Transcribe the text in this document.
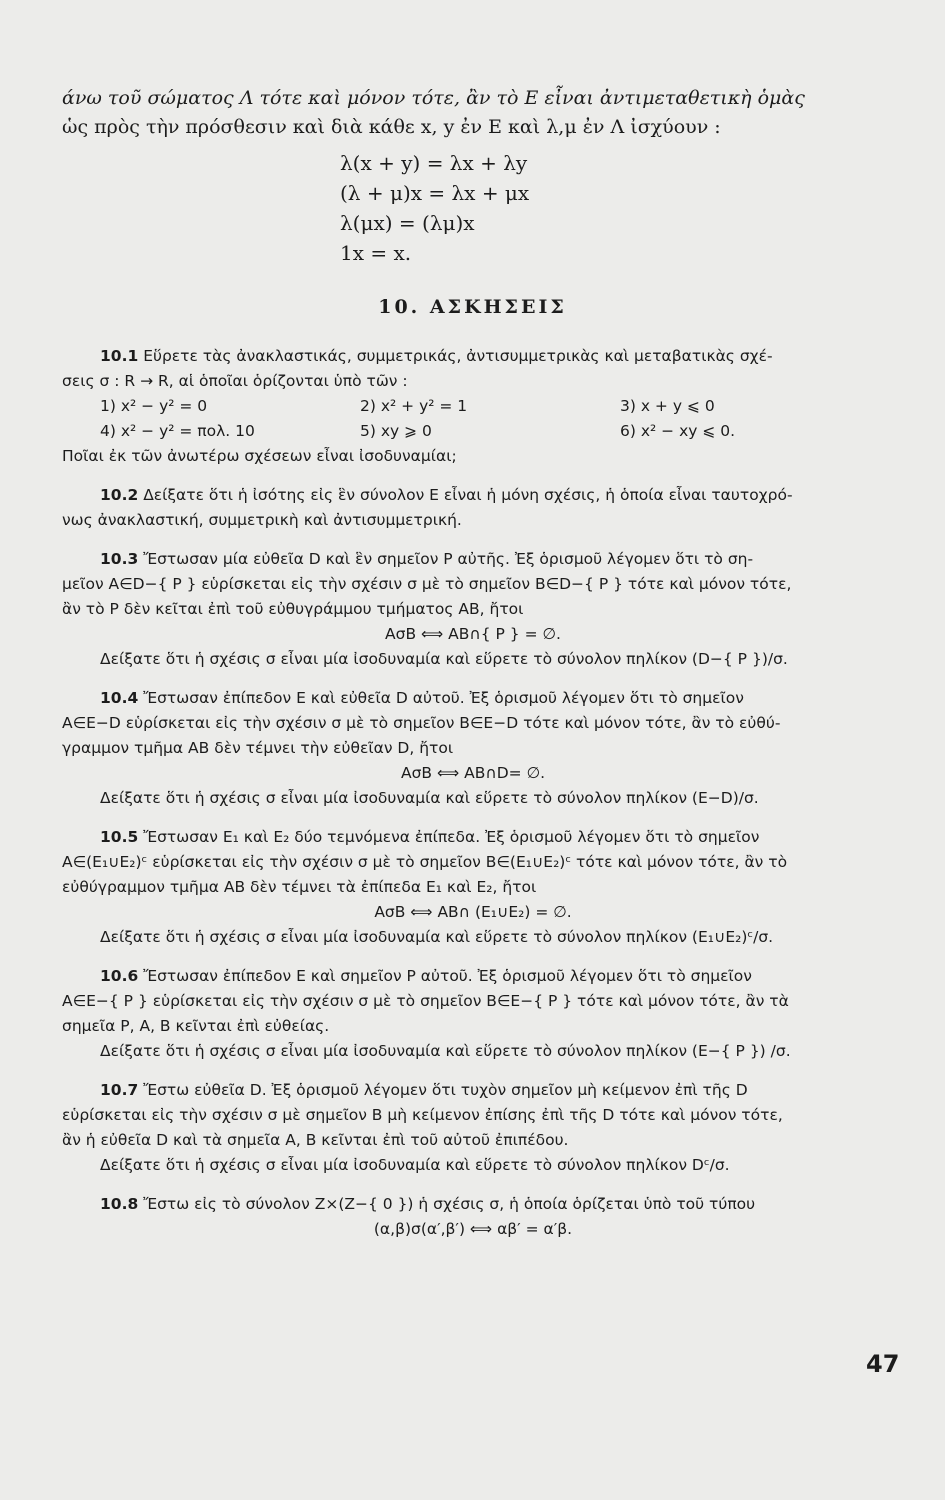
άνω τοῦ σώματος Λ τότε καὶ μόνον τότε, ἂν τὸ E εἶναι ἀντιμεταθετικὴ ὁμὰς

ὡς πρὸς τὴν πρόσθεσιν καὶ διὰ κάθε x, y ἐν E καὶ λ,μ ἐν Λ ἰσχύουν :

λ(x + y) = λx + λy
(λ + μ)x = λx + μx
λ(μx) = (λμ)x
1x = x.
10. ΑΣΚΗΣΕΙΣ

10.1 Εὕρετε τὰς ἀνακλαστικάς, συμμετρικάς, ἀντισυμμετρικὰς καὶ μεταβατικὰς σχέ-

σεις σ : R → R, αἱ ὁποῖαι ὁρίζονται ὑπὸ τῶν :

1) x² − y² = 0	2) x² + y² = 1	3) x + y ⩽ 0
4) x² − y² = πολ. 10	5) xy ⩾ 0	6) x² − xy ⩽ 0.

Ποῖαι ἐκ τῶν ἀνωτέρω σχέσεων εἶναι ἰσοδυναμίαι;

10.2 Δείξατε ὅτι ἡ ἰσότης εἰς ἓν σύνολον E εἶναι ἡ μόνη σχέσις, ἡ ὁποία εἶναι ταυτοχρό-

νως ἀνακλαστική, συμμετρικὴ καὶ ἀντισυμμετρική.

10.3 Ἔστωσαν μία εὐθεῖα D καὶ ἓν σημεῖον P αὐτῆς. Ἐξ ὁρισμοῦ λέγομεν ὅτι τὸ ση-

μεῖον A∈D−{ P } εὑρίσκεται εἰς τὴν σχέσιν σ μὲ τὸ σημεῖον B∈D−{ P } τότε καὶ μόνον τότε,

ἂν τὸ P δὲν κεῖται ἐπὶ τοῦ εὐθυγράμμου τμήματος AB, ἤτοι

AσB ⟺ AB∩{ P } = ∅.

Δείξατε ὅτι ἡ σχέσις σ εἶναι μία ἰσοδυναμία καὶ εὕρετε τὸ σύνολον πηλίκον (D−{ P })/σ.

10.4 Ἔστωσαν ἐπίπεδον E καὶ εὐθεῖα D αὐτοῦ. Ἐξ ὁρισμοῦ λέγομεν ὅτι τὸ σημεῖον

A∈E−D εὑρίσκεται εἰς τὴν σχέσιν σ μὲ τὸ σημεῖον B∈E−D τότε καὶ μόνον τότε, ἂν τὸ εὐθύ-

γραμμον τμῆμα AB δὲν τέμνει τὴν εὐθεῖαν D, ἤτοι

AσB ⟺ AB∩D= ∅.

Δείξατε ὅτι ἡ σχέσις σ εἶναι μία ἰσοδυναμία καὶ εὕρετε τὸ σύνολον πηλίκον (E−D)/σ.

10.5 Ἔστωσαν E₁ καὶ E₂ δύο τεμνόμενα ἐπίπεδα. Ἐξ ὁρισμοῦ λέγομεν ὅτι τὸ σημεῖον

A∈(E₁∪E₂)ᶜ εὑρίσκεται εἰς τὴν σχέσιν σ μὲ τὸ σημεῖον B∈(E₁∪E₂)ᶜ τότε καὶ μόνον τότε, ἂν τὸ

εὐθύγραμμον τμῆμα AB δὲν τέμνει τὰ ἐπίπεδα E₁ καὶ E₂, ἤτοι

AσB ⟺ AB∩ (E₁∪E₂) = ∅.

Δείξατε ὅτι ἡ σχέσις σ εἶναι μία ἰσοδυναμία καὶ εὕρετε τὸ σύνολον πηλίκον (E₁∪E₂)ᶜ/σ.

10.6 Ἔστωσαν ἐπίπεδον E καὶ σημεῖον P αὐτοῦ. Ἐξ ὁρισμοῦ λέγομεν ὅτι τὸ σημεῖον

A∈E−{ P } εὑρίσκεται εἰς τὴν σχέσιν σ μὲ τὸ σημεῖον B∈E−{ P } τότε καὶ μόνον τότε, ἂν τὰ

σημεῖα P, A, B κεῖνται ἐπὶ εὐθείας.

Δείξατε ὅτι ἡ σχέσις σ εἶναι μία ἰσοδυναμία καὶ εὕρετε τὸ σύνολον πηλίκον (E−{ P }) /σ.

10.7 Ἔστω εὐθεῖα D. Ἐξ ὁρισμοῦ λέγομεν ὅτι τυχὸν σημεῖον μὴ κείμενον ἐπὶ τῆς D

εὑρίσκεται εἰς τὴν σχέσιν σ μὲ σημεῖον B μὴ κείμενον ἐπίσης ἐπὶ τῆς D τότε καὶ μόνον τότε,

ἂν ἡ εὐθεῖα D καὶ τὰ σημεῖα A, B κεῖνται ἐπὶ τοῦ αὐτοῦ ἐπιπέδου.

Δείξατε ὅτι ἡ σχέσις σ εἶναι μία ἰσοδυναμία καὶ εὕρετε τὸ σύνολον πηλίκον Dᶜ/σ.

10.8 Ἔστω εἰς τὸ σύνολον Z×(Z−{ 0 }) ἡ σχέσις σ, ἡ ὁποία ὁρίζεται ὑπὸ τοῦ τύπου

(α,β)σ(α′,β′) ⟺ αβ′ = α′β.

47
